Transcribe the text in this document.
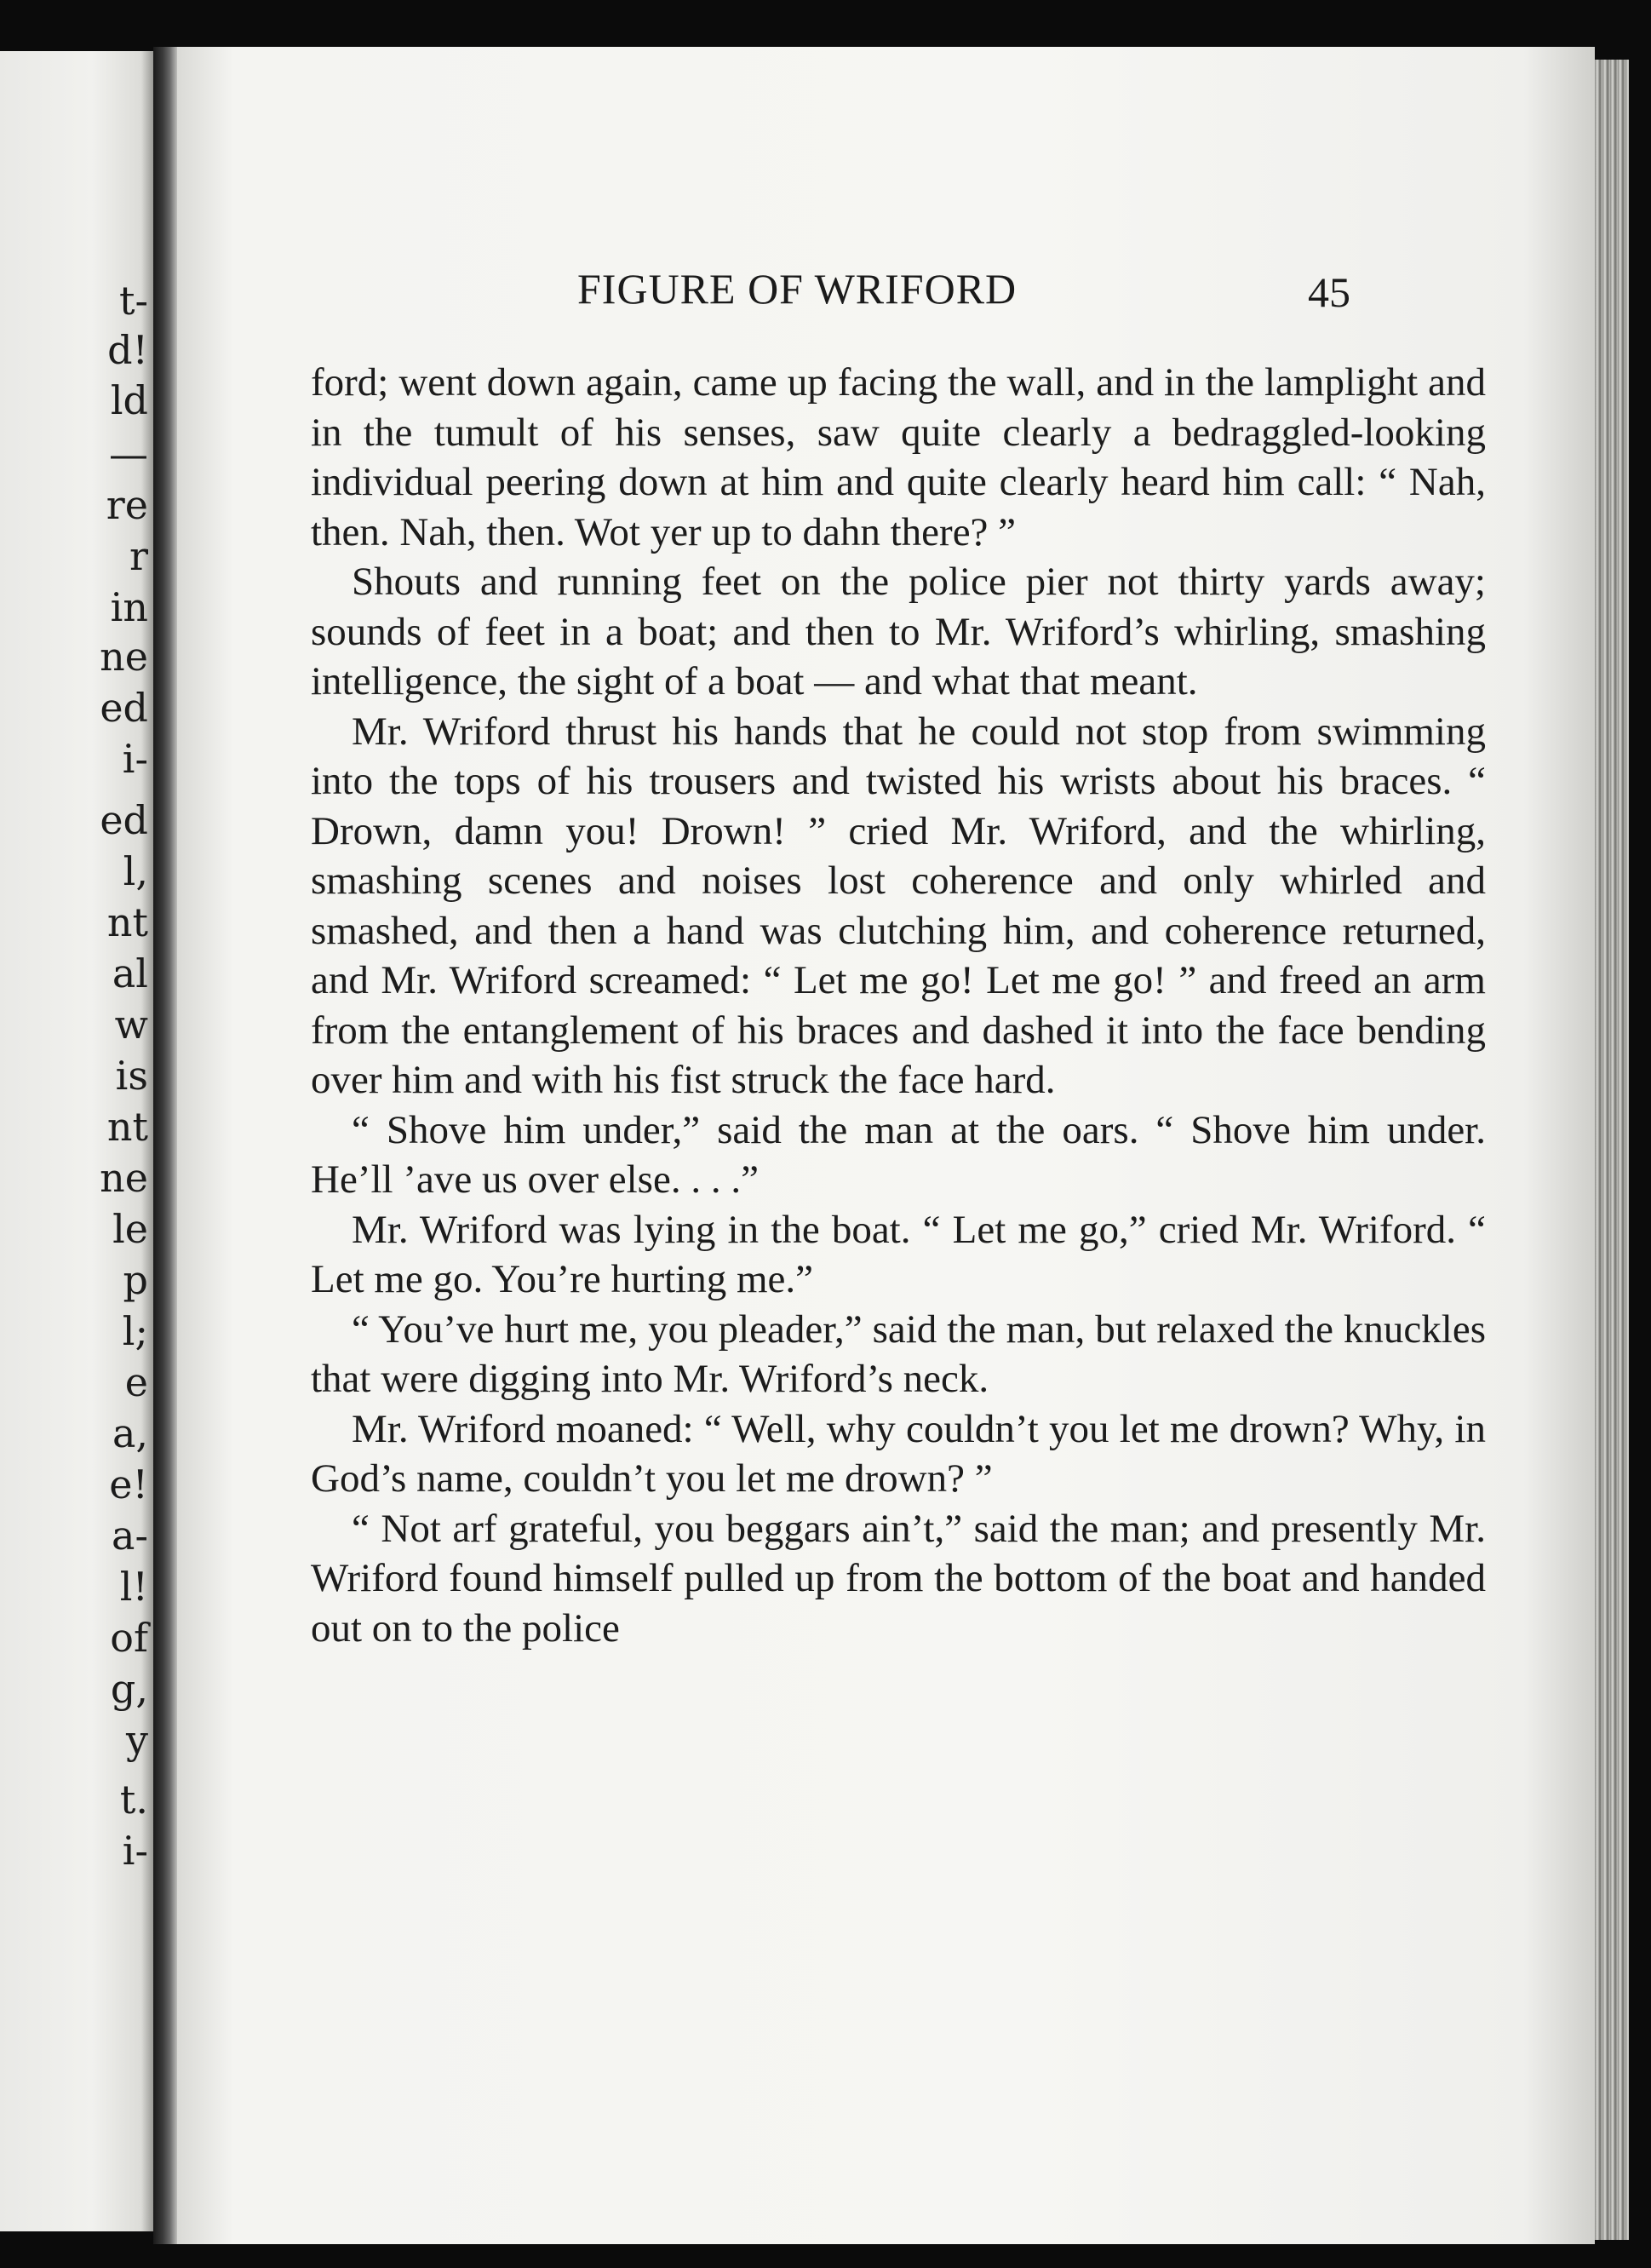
t-
d!
ld
—
re
r
in
ne
ed
i-
ed
l,
nt
al
w
is
nt
ne
le
p
l;
e
a,
e!
a-
l!
of
g,
y
t.
i-
FIGURE OF WRIFORD	45

ford; went down again, came up facing the wall, and in the lamplight and in the tumult of his senses, saw quite clearly a bedraggled-looking individual peering down at him and quite clearly heard him call: “ Nah, then. Nah, then. Wot yer up to dahn there? ”

Shouts and running feet on the police pier not thirty yards away; sounds of feet in a boat; and then to Mr. Wriford’s whirling, smashing intelligence, the sight of a boat — and what that meant.

Mr. Wriford thrust his hands that he could not stop from swimming into the tops of his trousers and twisted his wrists about his braces. “ Drown, damn you! Drown! ” cried Mr. Wriford, and the whirling, smashing scenes and noises lost coherence and only whirled and smashed, and then a hand was clutching him, and coherence returned, and Mr. Wriford screamed: “ Let me go! Let me go! ” and freed an arm from the entanglement of his braces and dashed it into the face bending over him and with his fist struck the face hard.

“ Shove him under,” said the man at the oars. “ Shove him under. He’ll ’ave us over else. . . .”

Mr. Wriford was lying in the boat. “ Let me go,” cried Mr. Wriford. “ Let me go. You’re hurting me.”

“ You’ve hurt me, you pleader,” said the man, but relaxed the knuckles that were digging into Mr. Wriford’s neck.

Mr. Wriford moaned: “ Well, why couldn’t you let me drown? Why, in God’s name, couldn’t you let me drown? ”

“ Not arf grateful, you beggars ain’t,” said the man; and presently Mr. Wriford found himself pulled up from the bottom of the boat and handed out on to the police
